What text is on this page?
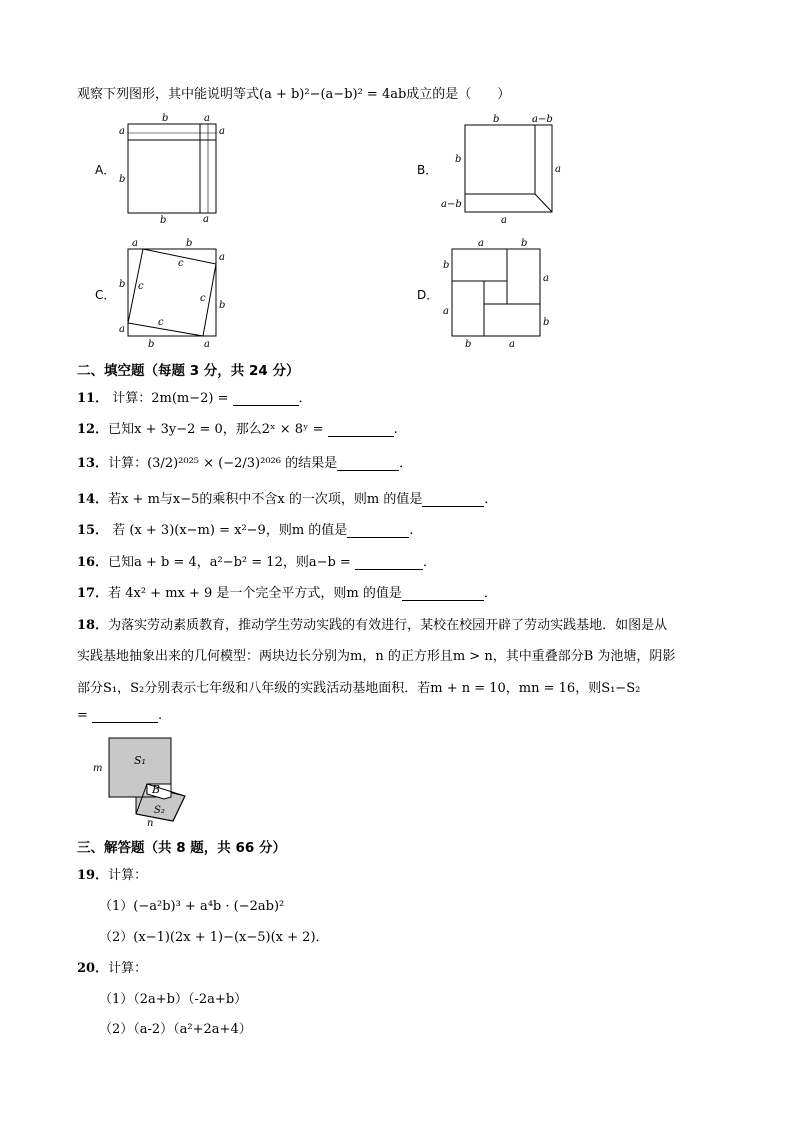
观察下列图形，其中能说明等式(a + b)²−(a−b)² = 4ab成立的是（　　）
A．
b	a
a
b
a
b	a
B．
b	a−b
b
a
a−b
a
C．
a	b
a
b
b
a
b	a
c
c
c
c
D．
a	b
b
a
a
b
b	a
二、填空题（每题 3 分，共 24 分）
11． 计算：2m(m−2) =	．
12．已知x + 3y−2 = 0，那么2ˣ × 8ʸ =	.
13．计算：(3/2)²⁰²⁵ × (−2/3)²⁰²⁶ 的结果是	．
14．若x + m与x−5的乘积中不含x 的一次项，则m 的值是	．
15． 若 (x + 3)(x−m) = x²−9，则m 的值是	.
16．已知a + b = 4，a²−b² = 12，则a−b =	．
17．若 4x² + mx + 9 是一个完全平方式，则m 的值是	．
18．为落实劳动素质教育，推动学生劳动实践的有效进行，某校在校园开辟了劳动实践基地．如图是从
实践基地抽象出来的几何模型：两块边长分别为m，n 的正方形且m > n，其中重叠部分B 为池塘，阴影
部分S₁，S₂分别表示七年级和八年级的实践活动基地面积．若m + n = 10，mn = 16，则S₁−S₂
=	.
m
S₁
B
S₂
n
三、解答题（共 8 题，共 66 分）
19．计算：
（1）(−a²b)³ + a⁴b · (−2ab)²
（2）(x−1)(2x + 1)−(x−5)(x + 2)．
20．计算：
（1）（2a+b）（-2a+b）
（2）（a-2）（a²+2a+4）
